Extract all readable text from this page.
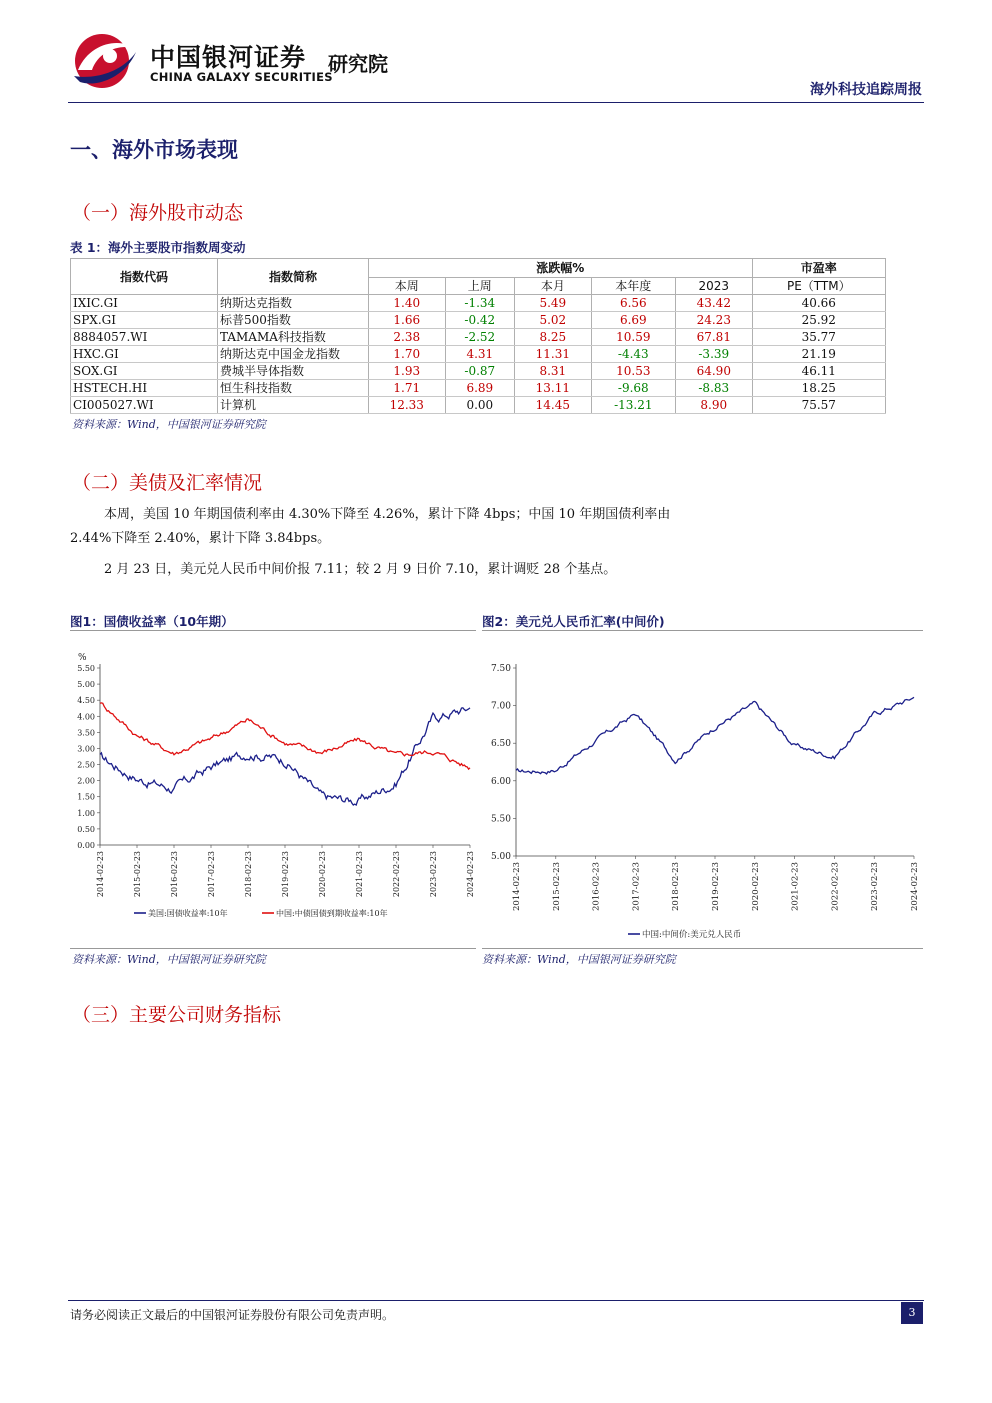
中国银河证券
CHINA GALAXY SECURITIES
研究院
海外科技追踪周报
一、海外市场表现
（一）海外股市动态
表 1：海外主要股市指数周变动
指数代码	指数简称	涨跌幅%					市盈率
		本周	上周	本月	本年度	2023	PE（TTM）
IXIC.GI	纳斯达克指数	1.40	-1.34	5.49	6.56	43.42	40.66
SPX.GI	标普500指数	1.66	-0.42	5.02	6.69	24.23	25.92
8884057.WI	TAMAMA科技指数	2.38	-2.52	8.25	10.59	67.81	35.77
HXC.GI	纳斯达克中国金龙指数	1.70	4.31	11.31	-4.43	-3.39	21.19
SOX.GI	费城半导体指数	1.93	-0.87	8.31	10.53	64.90	46.11
HSTECH.HI	恒生科技指数	1.71	6.89	13.11	-9.68	-8.83	18.25
CI005027.WI	计算机	12.33	0.00	14.45	-13.21	8.90	75.57
资料来源：Wind，中国银河证券研究院
（二）美债及汇率情况
本周，美国 10 年期国债利率由 4.30%下降至 4.26%，累计下降 4bps；中国 10 年期国债利率由
2.44%下降至 2.40%，累计下降 3.84bps。
2 月 23 日，美元兑人民币中间价报 7.11；较 2 月 9 日价 7.10，累计调贬 28 个基点。
图1：国债收益率（10年期）	图2：美元兑人民币汇率(中间价)
0.00
0.50
1.00
1.50
2.00
2.50
3.00
3.50
4.00
4.50
5.00
5.50
%
2014-02-23	2015-02-23	2016-02-23	2017-02-23	2018-02-23	2019-02-23	2020-02-23	2021-02-23	2022-02-23	2023-02-23	2024-02-23
美国:国债收益率:10年	中国:中债国债到期收益率:10年
5.00
5.50
6.00
6.50
7.00
7.50
2014-02-23	2015-02-23	2016-02-23	2017-02-23	2018-02-23	2019-02-23	2020-02-23	2021-02-23	2022-02-23	2023-02-23	2024-02-23
中国:中间价:美元兑人民币
资料来源：Wind，中国银河证券研究院	资料来源：Wind，中国银河证券研究院
（三）主要公司财务指标
请务必阅读正文最后的中国银河证券股份有限公司免责声明。	3
